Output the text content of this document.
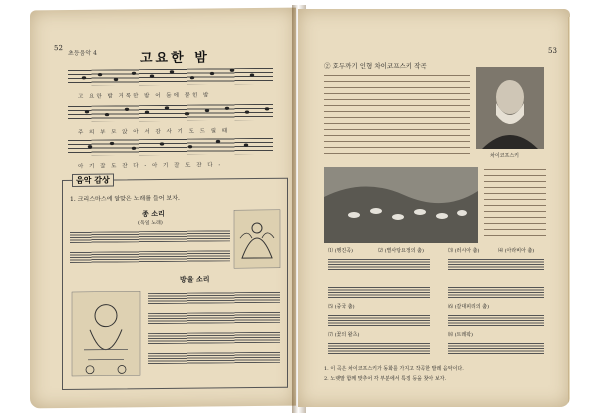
52
초등음악 4	고요한 밤
고 요한 밤 거룩한 밤 어 둠에 묻힌 밤
주 의 부 모 앉 아 서 감 사 기 도 드 릴 때
아 기 잘 도 잔 다 - 아 기 잘 도 잔 다 -
음악 감상
1. 크리스마스에 알맞은 노래를 들어 보자.
종 소리
(독일 노래)
방울 소리
53
② 호두까기 인형 차이코프스키 작곡
차이코프스키
⑴ (행진곡)	⑵ (별사탕요정의 춤)	⑶ (러시아 춤)	⑷ (아라비아 춤)
⑸ (중국 춤)	⑹ (갈대피리의 춤)
⑺ (꽃의 왈츠)	⑻ (트레팍)
1. 이 곡은 차이코프스키가 동화를 가지고 작곡한 발레 음악이다.
2. 노랫말 함께 맞추어 각 부분에서 특징 등을 찾아 보자.
